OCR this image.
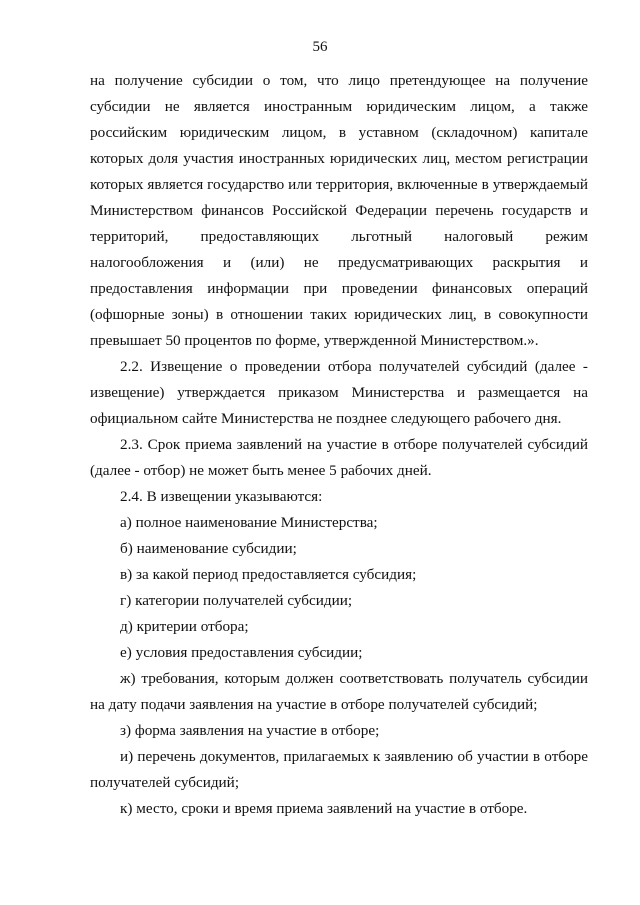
56

на получение субсидии о том, что лицо претендующее на получение субсидии не является иностранным юридическим лицом, а также российским юридическим лицом, в уставном (складочном) капитале которых доля участия иностранных юридических лиц, местом регистрации которых является государство или территория, включенные в утверждаемый Министерством финансов Российской Федерации перечень государств и территорий, предоставляющих льготный налоговый режим налогообложения и (или) не предусматривающих раскрытия и предоставления информации при проведении финансовых операций (офшорные зоны) в отношении таких юридических лиц, в совокупности превышает 50 процентов по форме, утвержденной Министерством.».

2.2. Извещение о проведении отбора получателей субсидий (далее - извещение) утверждается приказом Министерства и размещается на официальном сайте Министерства не позднее следующего рабочего дня.

2.3. Срок приема заявлений на участие в отборе получателей субсидий (далее - отбор) не может быть менее 5 рабочих дней.

2.4. В извещении указываются:

а) полное наименование Министерства;

б) наименование субсидии;

в) за какой период предоставляется субсидия;

г) категории получателей субсидии;

д) критерии отбора;

е) условия предоставления субсидии;

ж) требования, которым должен соответствовать получатель субсидии на дату подачи заявления на участие в отборе получателей субсидий;

з) форма заявления на участие в отборе;

и) перечень документов, прилагаемых к заявлению об участии в отборе получателей субсидий;

к) место, сроки и время приема заявлений на участие в отборе.
